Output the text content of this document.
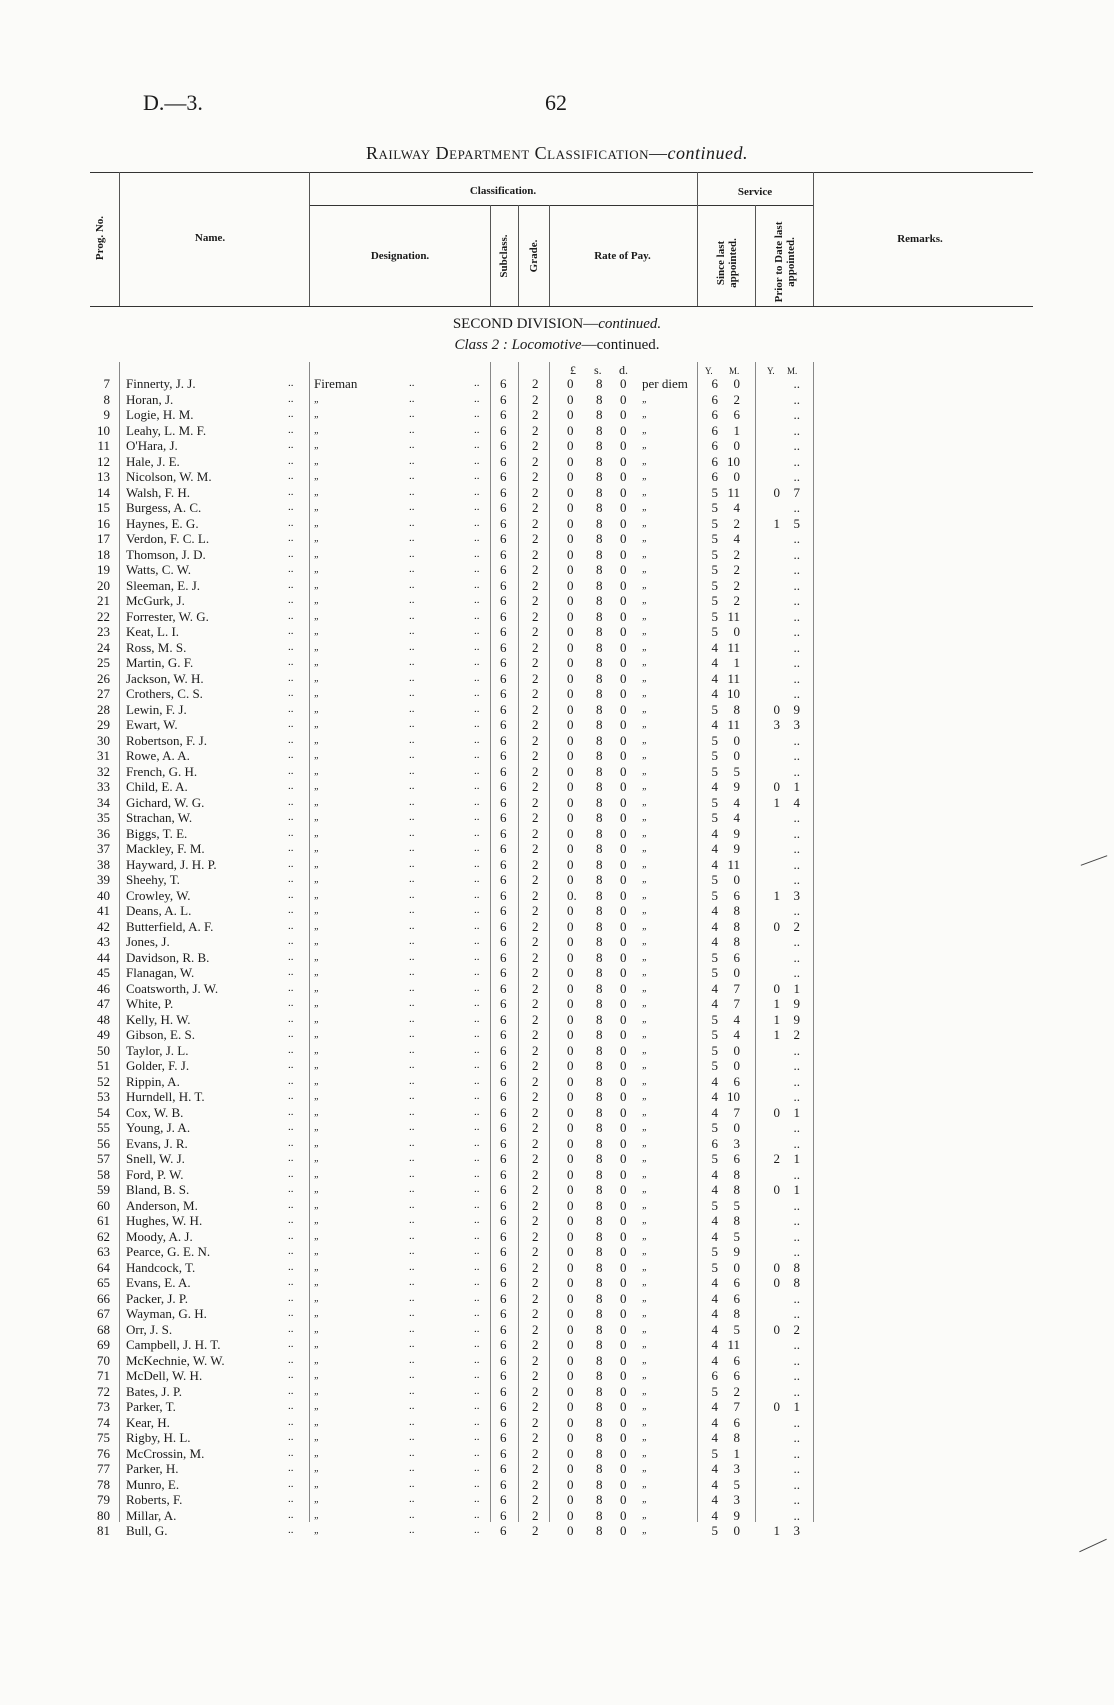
D.—3.	62
Railway Department Classification—continued.
Prog. No.	Name.
Classification.
Designation.	Subclass. Grade.	Rate of Pay.
Service
Since last appointed.	Prior to Date last appointed.	Remarks.
SECOND DIVISION—continued.
Class 2 : Locomotive—continued.
£ s. d.	Y. M.	Y. M.
7 Finnerty, J. J.	.. Fireman	..	.. 6 2 0 8 0 per diem	6	0	..
8 Horan, J.	.. „	..	.. 6 2 0 8 0 „	6	2	..
9 Logie, H. M.	.. „	..	.. 6 2 0 8 0 „	6	6	..
10 Leahy, L. M. F.	.. „	..	.. 6 2 0 8 0 „	6	1	..
11 O'Hara, J.	.. „	..	.. 6 2 0 8 0 „	6	0	..
12 Hale, J. E.	.. „	..	.. 6 2 0 8 0 „	6 10	..
13 Nicolson, W. M.	.. „	..	.. 6 2 0 8 0 „	6	0	..
14 Walsh, F. H.	.. „	..	.. 6 2 0 8 0 „	5 11	0	7
15 Burgess, A. C.	.. „	..	.. 6 2 0 8 0 „	5	4	..
16 Haynes, E. G.	.. „	..	.. 6 2 0 8 0 „	5	2	1	5
17 Verdon, F. C. L.	.. „	..	.. 6 2 0 8 0 „	5	4	..
18 Thomson, J. D.	.. „	..	.. 6 2 0 8 0 „	5	2	..
19 Watts, C. W.	.. „	..	.. 6 2 0 8 0 „	5	2	..
20 Sleeman, E. J.	.. „	..	.. 6 2 0 8 0 „	5	2	..
21 McGurk, J.	.. „	..	.. 6 2 0 8 0 „	5	2	..
22 Forrester, W. G.	.. „	..	.. 6 2 0 8 0 „	5 11	..
23 Keat, L. I.	.. „	..	.. 6 2 0 8 0 „	5	0	..
24 Ross, M. S.	.. „	..	.. 6 2 0 8 0 „	4 11	..
25 Martin, G. F.	.. „	..	.. 6 2 0 8 0 „	4	1	..
26 Jackson, W. H.	.. „	..	.. 6 2 0 8 0 „	4 11	..
27 Crothers, C. S.	.. „	..	.. 6 2 0 8 0 „	4 10	..
28 Lewin, F. J.	.. „	..	.. 6 2 0 8 0 „	5	8	0	9
29 Ewart, W.	.. „	..	.. 6 2 0 8 0 „	4 11	3	3
30 Robertson, F. J.	.. „	..	.. 6 2 0 8 0 „	5	0	..
31 Rowe, A. A.	.. „	..	.. 6 2 0 8 0 „	5	0	..
32 French, G. H.	.. „	..	.. 6 2 0 8 0 „	5	5	..
33 Child, E. A.	.. „	..	.. 6 2 0 8 0 „	4	9	0	1
34 Gichard, W. G.	.. „	..	.. 6 2 0 8 0 „	5	4	1	4
35 Strachan, W.	.. „	..	.. 6 2 0 8 0 „	5	4	..
36 Biggs, T. E.	.. „	..	.. 6 2 0 8 0 „	4	9	..
37 Mackley, F. M.	.. „	..	.. 6 2 0 8 0 „	4	9	..
38 Hayward, J. H. P.	.. „	..	.. 6 2 0 8 0 „	4 11	..
39 Sheehy, T.	.. „	..	.. 6 2 0 8 0 „	5	0	..
40 Crowley, W.	.. „	..	.. 6 2 0. 8 0 „	5	6	1	3
41 Deans, A. L.	.. „	..	.. 6 2 0 8 0 „	4	8	..
42 Butterfield, A. F.	.. „	..	.. 6 2 0 8 0 „	4	8	0	2
43 Jones, J.	.. „	..	.. 6 2 0 8 0 „	4	8	..
44 Davidson, R. B.	.. „	..	.. 6 2 0 8 0 „	5	6	..
45 Flanagan, W.	.. „	..	.. 6 2 0 8 0 „	5	0	..
46 Coatsworth, J. W.	.. „	..	.. 6 2 0 8 0 „	4	7	0	1
47 White, P.	.. „	..	.. 6 2 0 8 0 „	4	7	1	9
48 Kelly, H. W.	.. „	..	.. 6 2 0 8 0 „	5	4	1	9
49 Gibson, E. S.	.. „	..	.. 6 2 0 8 0 „	5	4	1	2
50 Taylor, J. L.	.. „	..	.. 6 2 0 8 0 „	5	0	..
51 Golder, F. J.	.. „	..	.. 6 2 0 8 0 „	5	0	..
52 Rippin, A.	.. „	..	.. 6 2 0 8 0 „	4	6	..
53 Hurndell, H. T.	.. „	..	.. 6 2 0 8 0 „	4 10	..
54 Cox, W. B.	.. „	..	.. 6 2 0 8 0 „	4	7	0	1
55 Young, J. A.	.. „	..	.. 6 2 0 8 0 „	5	0	..
56 Evans, J. R.	.. „	..	.. 6 2 0 8 0 „	6	3	..
57 Snell, W. J.	.. „	..	.. 6 2 0 8 0 „	5	6	2	1
58 Ford, P. W.	.. „	..	.. 6 2 0 8 0 „	4	8	..
59 Bland, B. S.	.. „	..	.. 6 2 0 8 0 „	4	8	0	1
60 Anderson, M.	.. „	..	.. 6 2 0 8 0 „	5	5	..
61 Hughes, W. H.	.. „	..	.. 6 2 0 8 0 „	4	8	..
62 Moody, A. J.	.. „	..	.. 6 2 0 8 0 „	4	5	..
63 Pearce, G. E. N.	.. „	..	.. 6 2 0 8 0 „	5	9	..
64 Handcock, T.	.. „	..	.. 6 2 0 8 0 „	5	0	0	8
65 Evans, E. A.	.. „	..	.. 6 2 0 8 0 „	4	6	0	8
66 Packer, J. P.	.. „	..	.. 6 2 0 8 0 „	4	6	..
67 Wayman, G. H.	.. „	..	.. 6 2 0 8 0 „	4	8	..
68 Orr, J. S.	.. „	..	.. 6 2 0 8 0 „	4	5	0	2
69 Campbell, J. H. T.	.. „	..	.. 6 2 0 8 0 „	4 11	..
70 McKechnie, W. W.	.. „	..	.. 6 2 0 8 0 „	4	6	..
71 McDell, W. H.	.. „	..	.. 6 2 0 8 0 „	6	6	..
72 Bates, J. P.	.. „	..	.. 6 2 0 8 0 „	5	2	..
73 Parker, T.	.. „	..	.. 6 2 0 8 0 „	4	7	0	1
74 Kear, H.	.. „	..	.. 6 2 0 8 0 „	4	6	..
75 Rigby, H. L.	.. „	..	.. 6 2 0 8 0 „	4	8	..
76 McCrossin, M.	.. „	..	.. 6 2 0 8 0 „	5	1	..
77 Parker, H.	.. „	..	.. 6 2 0 8 0 „	4	3	..
78 Munro, E.	.. „	..	.. 6 2 0 8 0 „	4	5	..
79 Roberts, F.	.. „	..	.. 6 2 0 8 0 „	4	3	..
80 Millar, A.	.. „	..	.. 6 2 0 8 0 „	4	9	..
81 Bull, G.	.. „	..	.. 6 2 0 8 0 „	5	0	1	3
